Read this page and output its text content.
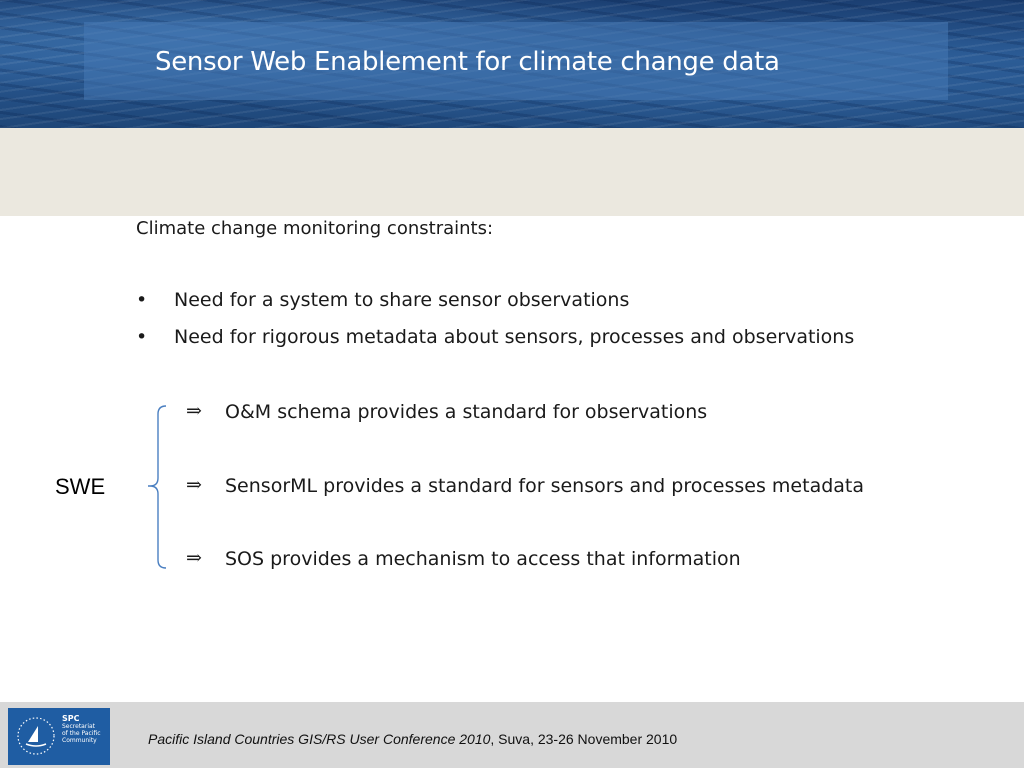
Sensor Web Enablement for climate change data
Climate change monitoring constraints:
• Need for a system to share sensor observations
• Need for rigorous metadata about sensors, processes and observations
⇒ O&M schema provides a standard for observations
⇒ SensorML provides a standard for sensors and processes metadata
⇒ SOS provides a mechanism to access that information
SWE
SPC
Secretariat
of the Pacific
Community	Pacific Island Countries GIS/RS User Conference 2010, Suva, 23-26 November 2010
